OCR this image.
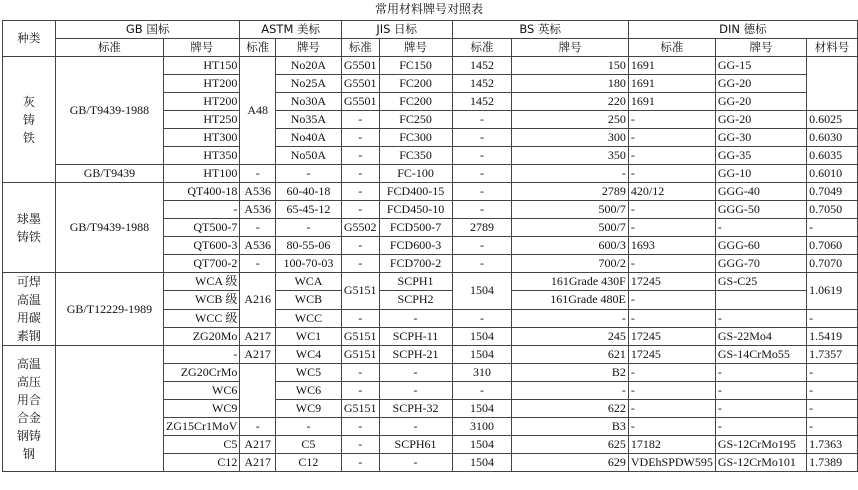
常用材料牌号对照表
种类	GB 国标		ASTM 美标		JIS 日标		BS 英标		DIN 德标		
	标准	牌号	标准	牌号	标准	牌号	标准	牌号	标准	牌号	材料号
灰铸铁	GB/T9439-1988	HT150	A48	No20A	G5501	FC150	1452	150	1691	GG-15	
		HT200		No25A	G5501	FC200	1452	180	1691	GG-20	
		HT200		No30A	G5501	FC200	1452	220	1691	GG-20	
		HT250		No35A	-	FC250	-	250	-	GG-20	0.6025
		HT300		No40A	-	FC300	-	300	-	GG-30	0.6030
		HT350		No50A	-	FC350	-	350	-	GG-35	0.6035
	GB/T9439	HT100	-	-	-	FC-100	-	-	-	GG-10	0.6010
球墨铸铁	GB/T9439-1988	QT400-18	A536	60-40-18	-	FCD400-15	-	2789	420/12	GGG-40	0.7049
		-	A536	65-45-12	-	FCD450-10	-	500/7	-	GGG-50	0.7050
		QT500-7	-	-	G5502	FCD500-7	2789	500/7	-	-	-
		QT600-3	A536	80-55-06	-	FCD600-3	-	600/3	1693	GGG-60	0.7060
		QT700-2	-	100-70-03	-	FCD700-2	-	700/2	-	GGG-70	0.7070
可焊高温用碳素钢	GB/T12229-1989	WCA 级	A216	WCA	G5151	SCPH1	1504	161Grade 430F	17245	GS-C25	1.0619
		WCB 级		WCB		SCPH2		161Grade 480E	-		
		WCC 级		WCC	-	-	-	-	-	-	-
		ZG20Mo	A217	WC1	G5151	SCPH-11	1504	245	17245	GS-22Mo4	1.5419
高温高压用合合金钢铸钢		-	A217	WC4	G5151	SCPH-21	1504	621	17245	GS-14CrMo55	1.7357
		ZG20CrMo		WC5	-	-	310	B2	-	-	-
		WC6		WC6	-	-	-	-	-	-	-
		WC9		WC9	G5151	SCPH-32	1504	622	-	-	-
		ZG15Cr1MoV	-	-	-	-	3100	B3	-	-	-
		C5	A217	C5	-	SCPH61	1504	625	17182	GS-12CrMo195	1.7363
		C12	A217	C12	-	-	1504	629	VDEhSPDW595	GS-12CrMo101	1.7389
